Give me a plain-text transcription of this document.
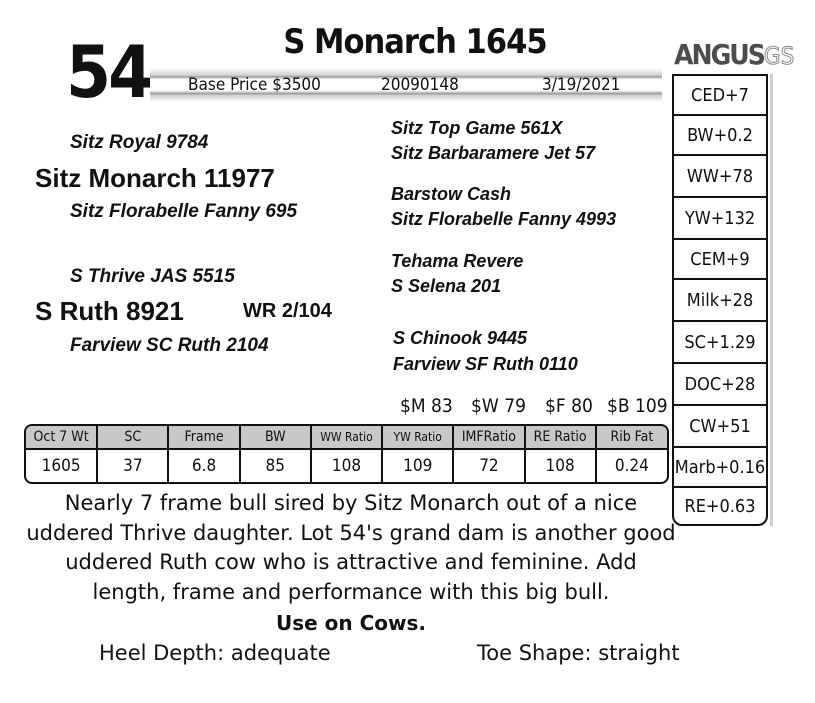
54	S Monarch 1645
Base Price $3500	20090148	3/19/2021
ANGUSGS
CED+7
BW+0.2
WW+78
YW+132
CEM+9
Milk+28
SC+1.29
DOC+28
CW+51
Marb+0.16
RE+0.63
Sitz Royal 9784
Sitz Monarch 11977
Sitz Florabelle Fanny 695
S Thrive JAS 5515
S Ruth 8921	WR 2/104
Farview SC Ruth 2104
Sitz Top Game 561X
Sitz Barbaramere Jet 57
Barstow Cash
Sitz Florabelle Fanny 4993
Tehama Revere
S Selena 201
S Chinook 9445
Farview SF Ruth 0110
$M 83 $W 79 $F 80 $B 109
Oct 7 Wt	SC	Frame	BW	WW Ratio	YW Ratio	IMFRatio	RE Ratio	Rib Fat
1605	37	6.8	85	108	109	72	108	0.24
Nearly 7 frame bull sired by Sitz Monarch out of a nice uddered Thrive daughter. Lot 54's grand dam is another good uddered Ruth cow who is attractive and feminine. Add length, frame and performance with this big bull.
Use on Cows.
Heel Depth: adequate	Toe Shape: straight
